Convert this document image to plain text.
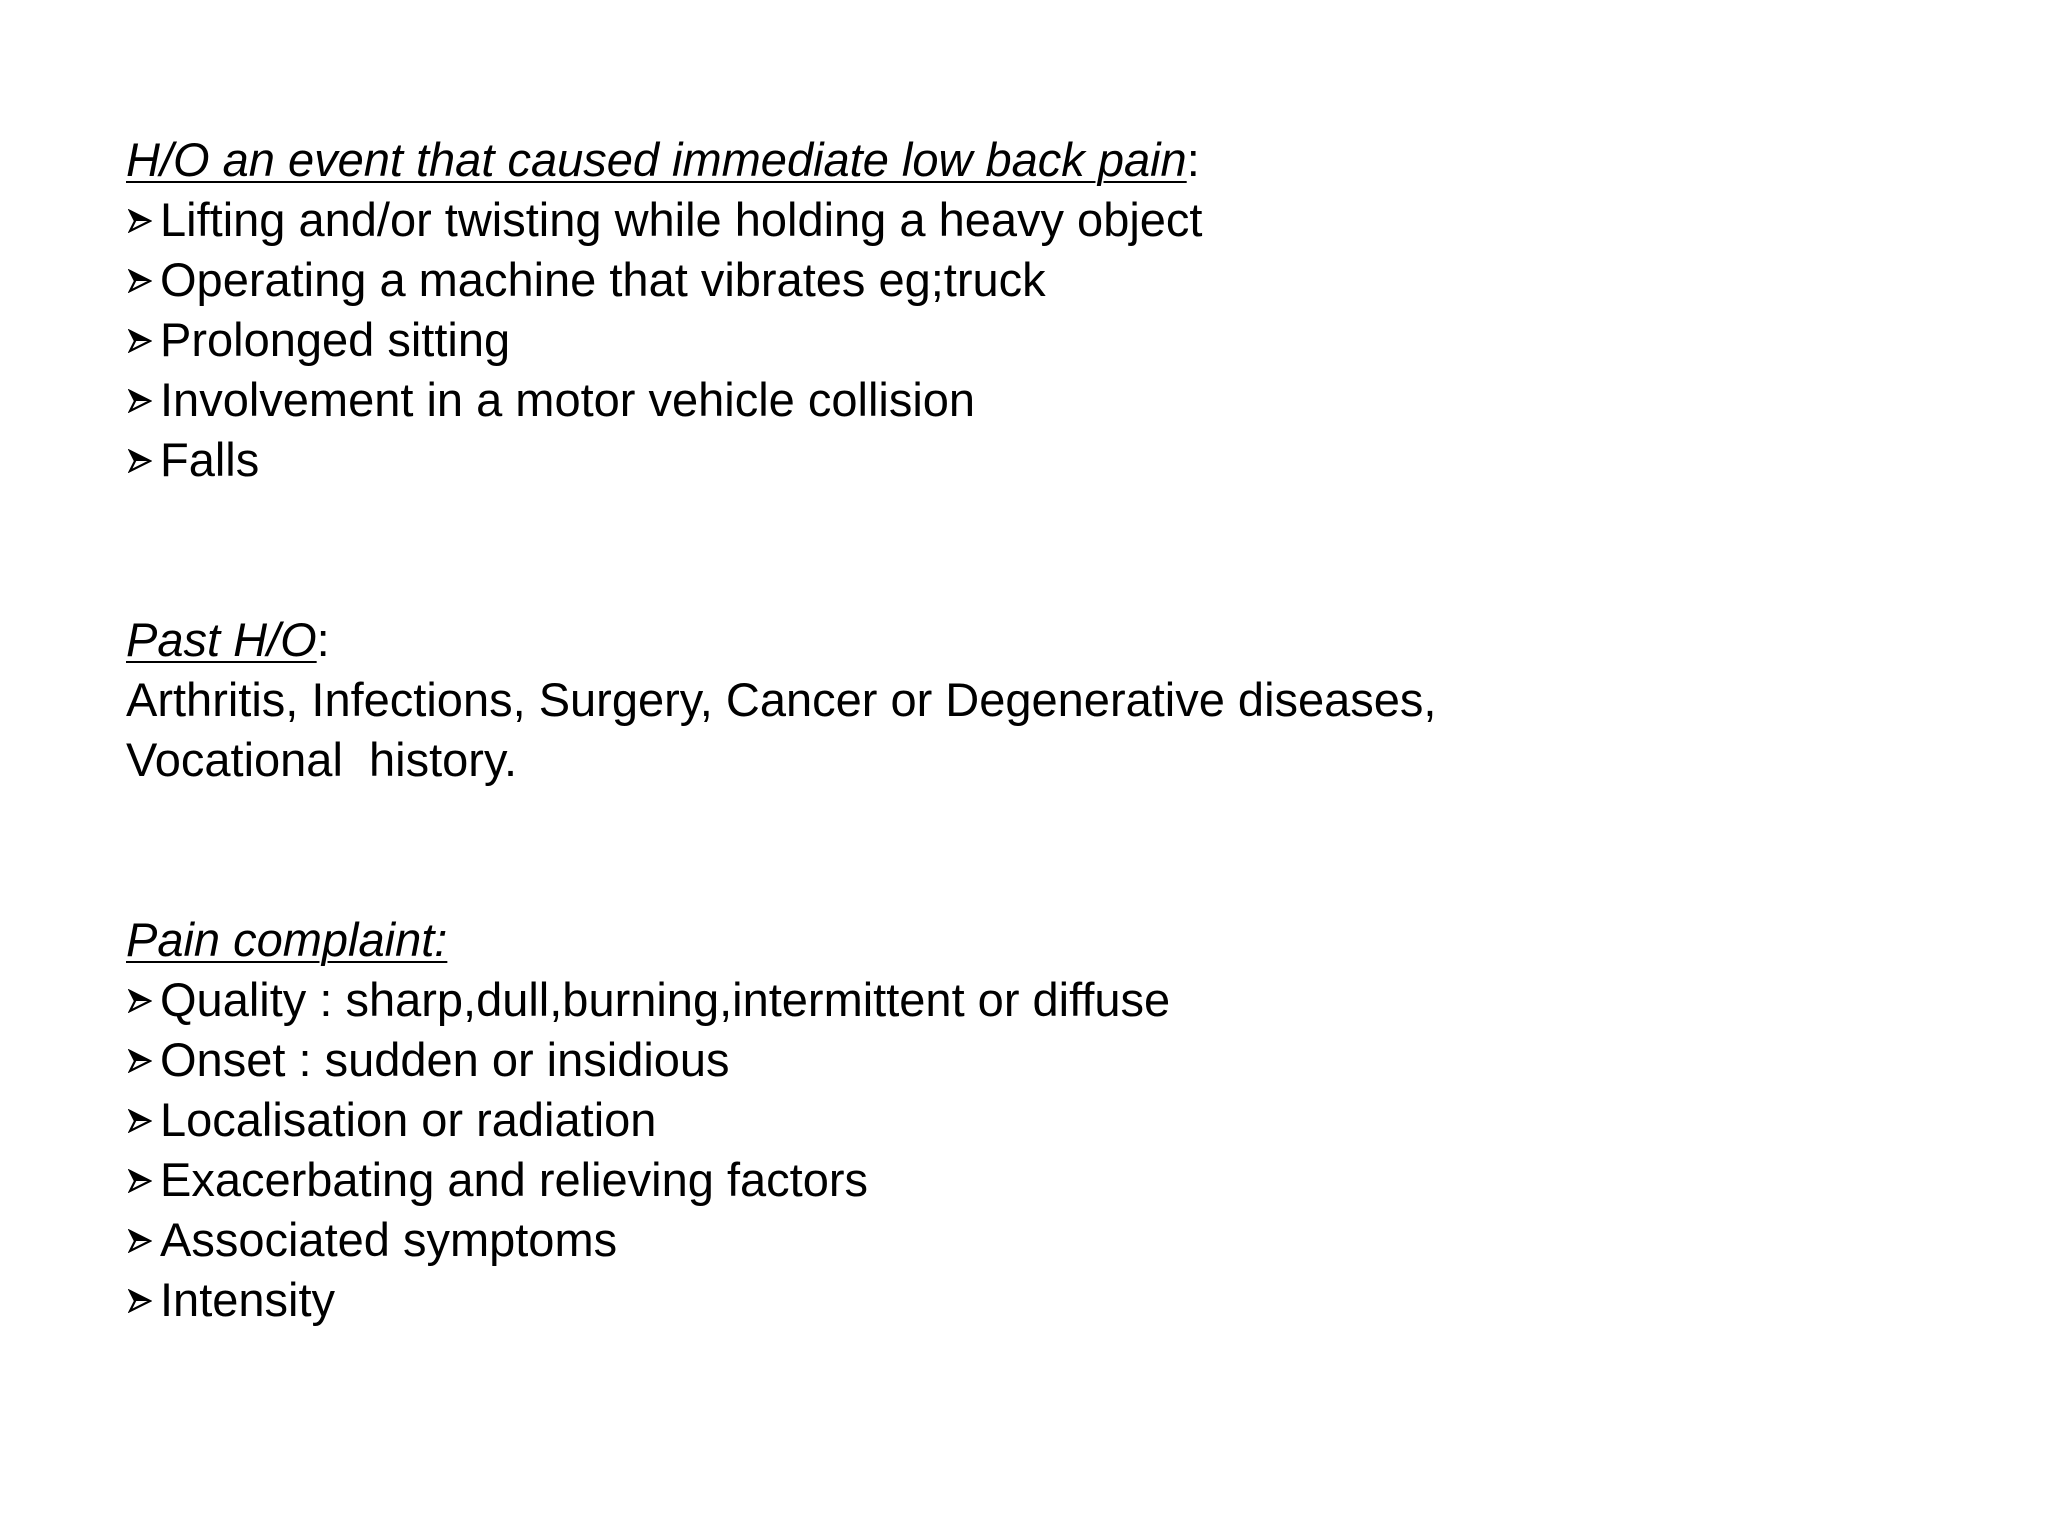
H/O an event that caused immediate low back pain:
Lifting and/or twisting while holding a heavy object
Operating a machine that vibrates eg;truck
Prolonged sitting
Involvement in a motor vehicle collision
Falls
Past H/O:
Arthritis, Infections, Surgery, Cancer or Degenerative diseases,
Vocational  history.
Pain complaint:
Quality : sharp,dull,burning,intermittent or diffuse
Onset : sudden or insidious
Localisation or radiation
Exacerbating and relieving factors
Associated symptoms
Intensity
